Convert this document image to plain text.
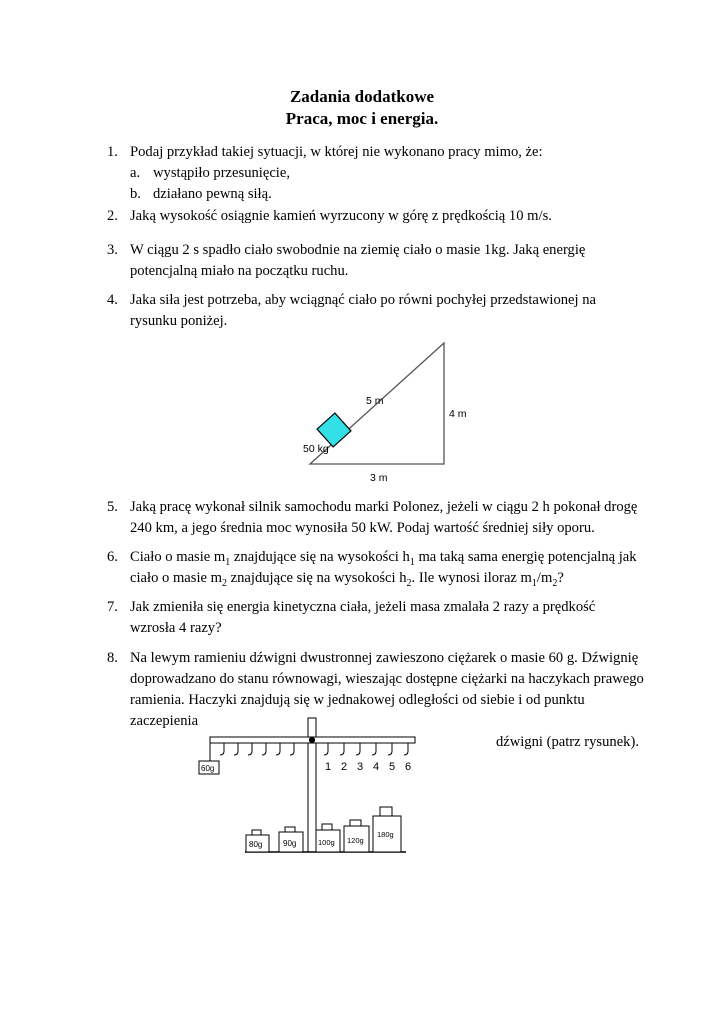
Zadania dodatkowe
Praca, moc i energia.
1. Podaj przykład takiej sytuacji, w której nie wykonano pracy mimo, że:
a. wystąpiło przesunięcie,
b. działano pewną siłą.
2. Jaką wysokość osiągnie kamień wyrzucony w górę z prędkością 10 m/s.
3. W ciągu 2 s spadło ciało swobodnie na ziemię ciało o masie 1kg. Jaką energię
potencjalną miało na początku ruchu.
4. Jaka siła jest potrzeba, aby wciągnąć ciało po równi pochyłej przedstawionej na
rysunku poniżej.
5 m
4 m
3 m
50 kg
5. Jaką pracę wykonał silnik samochodu marki Polonez, jeżeli w ciągu 2 h pokonał drogę
240 km, a jego średnia moc wynosiła 50 kW. Podaj wartość średniej siły oporu.
6. Ciało o masie $m_1$ znajdujące się na wysokości $h_1$ ma taką sama energię potencjalną jak
ciało o masie $m_2$ znajdujące się na wysokości $h_2$. Ile wynosi iloraz $m_1/m_2$?
7. Jak zmieniła się energia kinetyczna ciała, jeżeli masa zmalała 2 razy a prędkość
wzrosła 4 razy?
8. Na lewym ramieniu dźwigni dwustronnej zawieszono ciężarek o masie 60 g. Dźwignię
doprowadzano do stanu równowagi, wieszając dostępne ciężarki na haczykach prawego
ramienia. Haczyki znajdują się w jednakowej odległości od siebie i od punktu zaczepienia
dźwigni (patrz rysunek).
60g
80g	90g	100g 120g
180g
1 2 3 4 5 6
